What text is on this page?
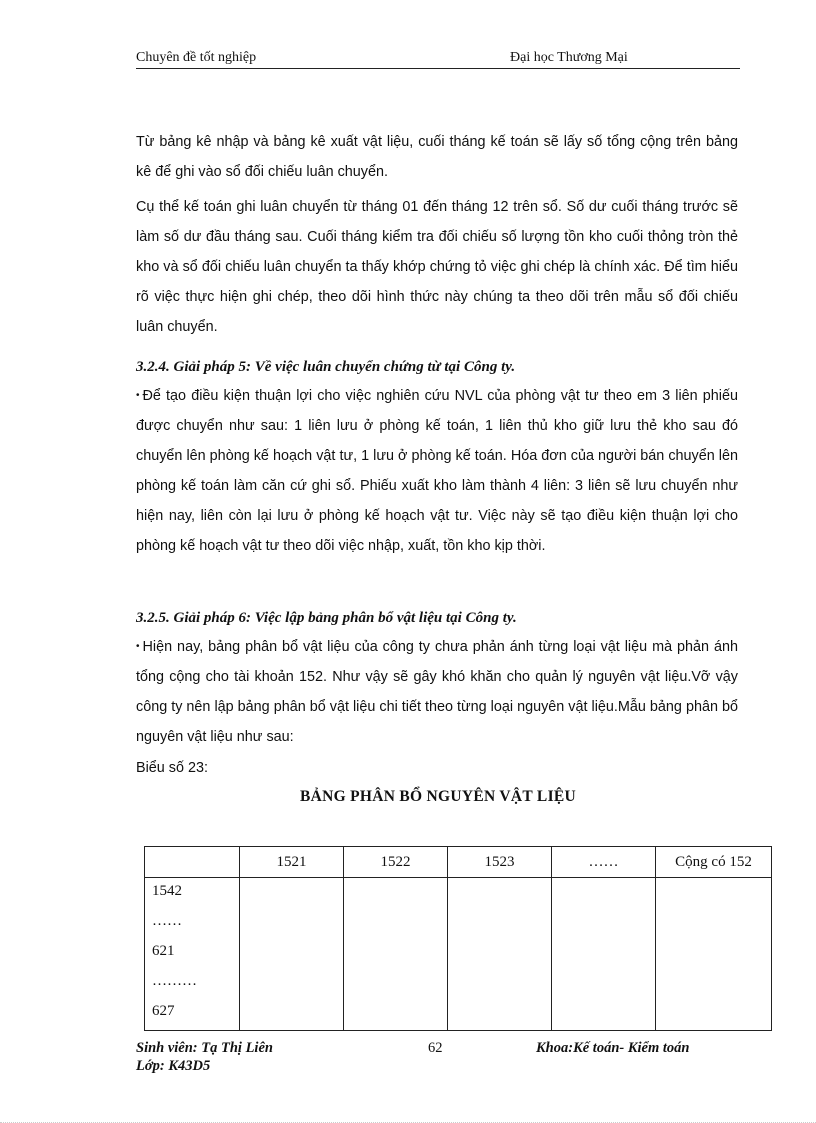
Chuyên đề tốt nghiệp	Đại học Thương Mại
Từ bảng kê nhập và bảng kê xuất vật liệu, cuối tháng kế toán sẽ lấy số tổng cộng trên bảng kê để ghi vào sổ đối chiếu luân chuyển.
Cụ thể kế toán ghi luân chuyển từ tháng 01 đến tháng 12 trên sổ. Số dư cuối tháng trước sẽ làm số dư đầu tháng sau. Cuối tháng kiểm tra đối chiếu số lượng tồn kho cuối thỏng tròn thẻ kho và sổ đối chiếu luân chuyển ta thấy khớp chứng tỏ việc ghi chép là chính xác. Để tìm hiểu rõ việc thực hiện ghi chép, theo dõi hình thức này chúng ta theo dõi trên mẫu sổ đối chiếu luân chuyển.
3.2.4. Giải pháp 5: Về việc luân chuyển chứng từ tại Công ty.
• Để tạo điều kiện thuận lợi cho việc nghiên cứu NVL của phòng vật tư theo em 3 liên phiếu được chuyển như sau: 1 liên lưu ở phòng kế toán, 1 liên thủ kho giữ lưu thẻ kho sau đó chuyển lên phòng kế hoạch vật tư, 1 lưu ở phòng kế toán. Hóa đơn của người bán chuyển lên phòng kế toán làm căn cứ ghi sổ. Phiếu xuất kho làm thành 4 liên: 3 liên sẽ lưu chuyển như hiện nay, liên còn lại lưu ở phòng kế hoạch vật tư. Việc này sẽ tạo điều kiện thuận lợi cho phòng kế hoạch vật tư theo dõi việc nhập, xuất, tồn kho kịp thời.
3.2.5. Giải pháp 6: Việc lập bảng phân bổ vật liệu tại Công ty.
• Hiện nay, bảng phân bổ vật liệu của công ty chưa phản ánh từng loại vật liệu mà phản ánh tổng cộng cho tài khoản 152. Như vậy sẽ gây khó khăn cho quản lý nguyên vật liệu.Vỡ vậy công ty nên lập bảng phân bổ vật liệu chi tiết theo từng loại nguyên vật liệu.Mẫu bảng phân bổ nguyên vật liệu như sau:
Biểu số 23:
BẢNG PHÂN BỔ NGUYÊN VẬT LIỆU
	1521	1522	1523	……	Cộng có 152

1542
……
621
………
627					

Sinh viên: Tạ Thị Liên	62	Khoa:Kế toán- Kiểm toán
Lớp: K43D5
